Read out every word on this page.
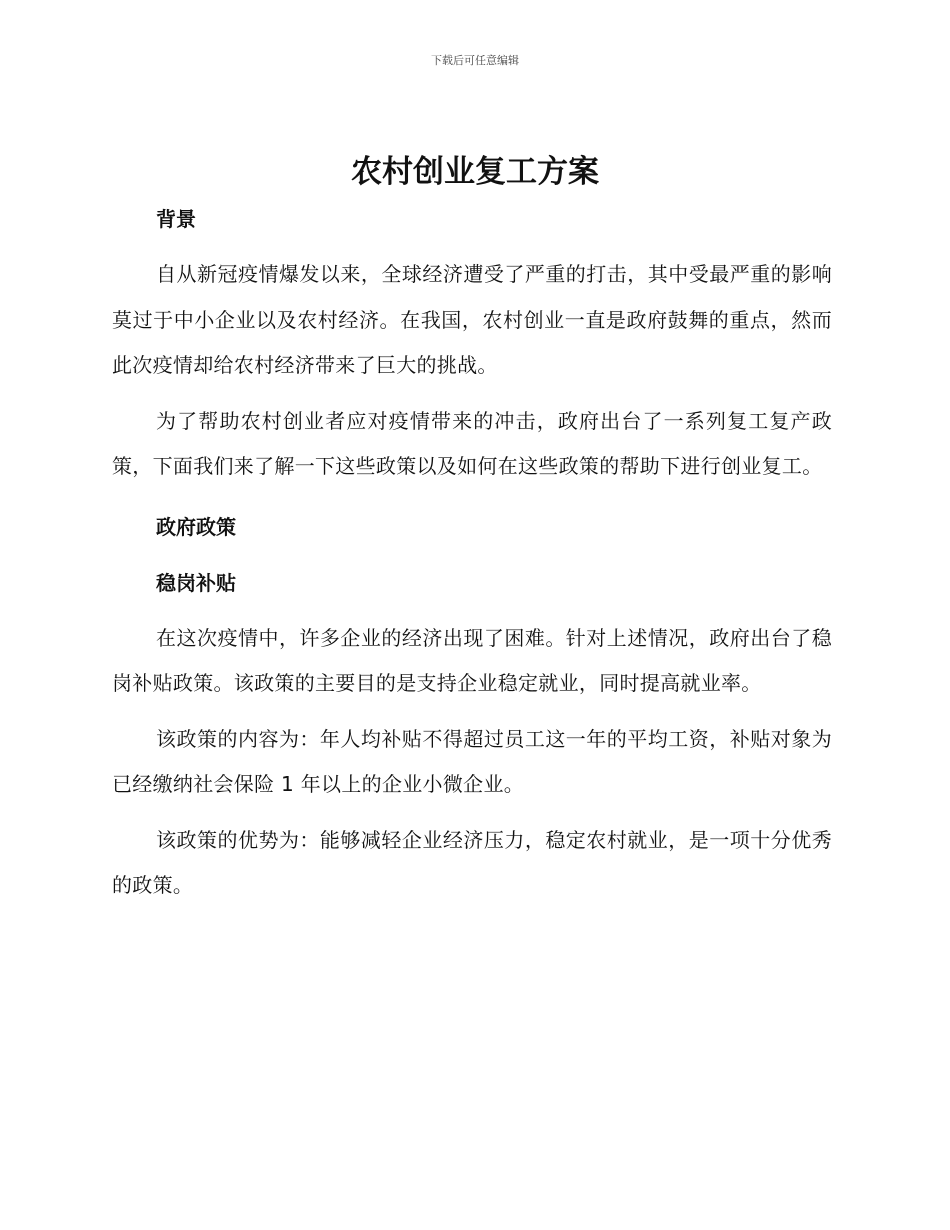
下载后可任意编辑
农村创业复工方案
背景

自从新冠疫情爆发以来，全球经济遭受了严重的打击，其中受最严重的影响莫过于中小企业以及农村经济。在我国，农村创业一直是政府鼓舞的重点，然而此次疫情却给农村经济带来了巨大的挑战。

为了帮助农村创业者应对疫情带来的冲击，政府出台了一系列复工复产政策，下面我们来了解一下这些政策以及如何在这些政策的帮助下进行创业复工。

政府政策
稳岗补贴

在这次疫情中，许多企业的经济出现了困难。针对上述情况，政府出台了稳岗补贴政策。该政策的主要目的是支持企业稳定就业，同时提高就业率。

该政策的内容为：年人均补贴不得超过员工这一年的平均工资，补贴对象为已经缴纳社会保险 1 年以上的企业小微企业。

该政策的优势为：能够减轻企业经济压力，稳定农村就业，是一项十分优秀的政策。
